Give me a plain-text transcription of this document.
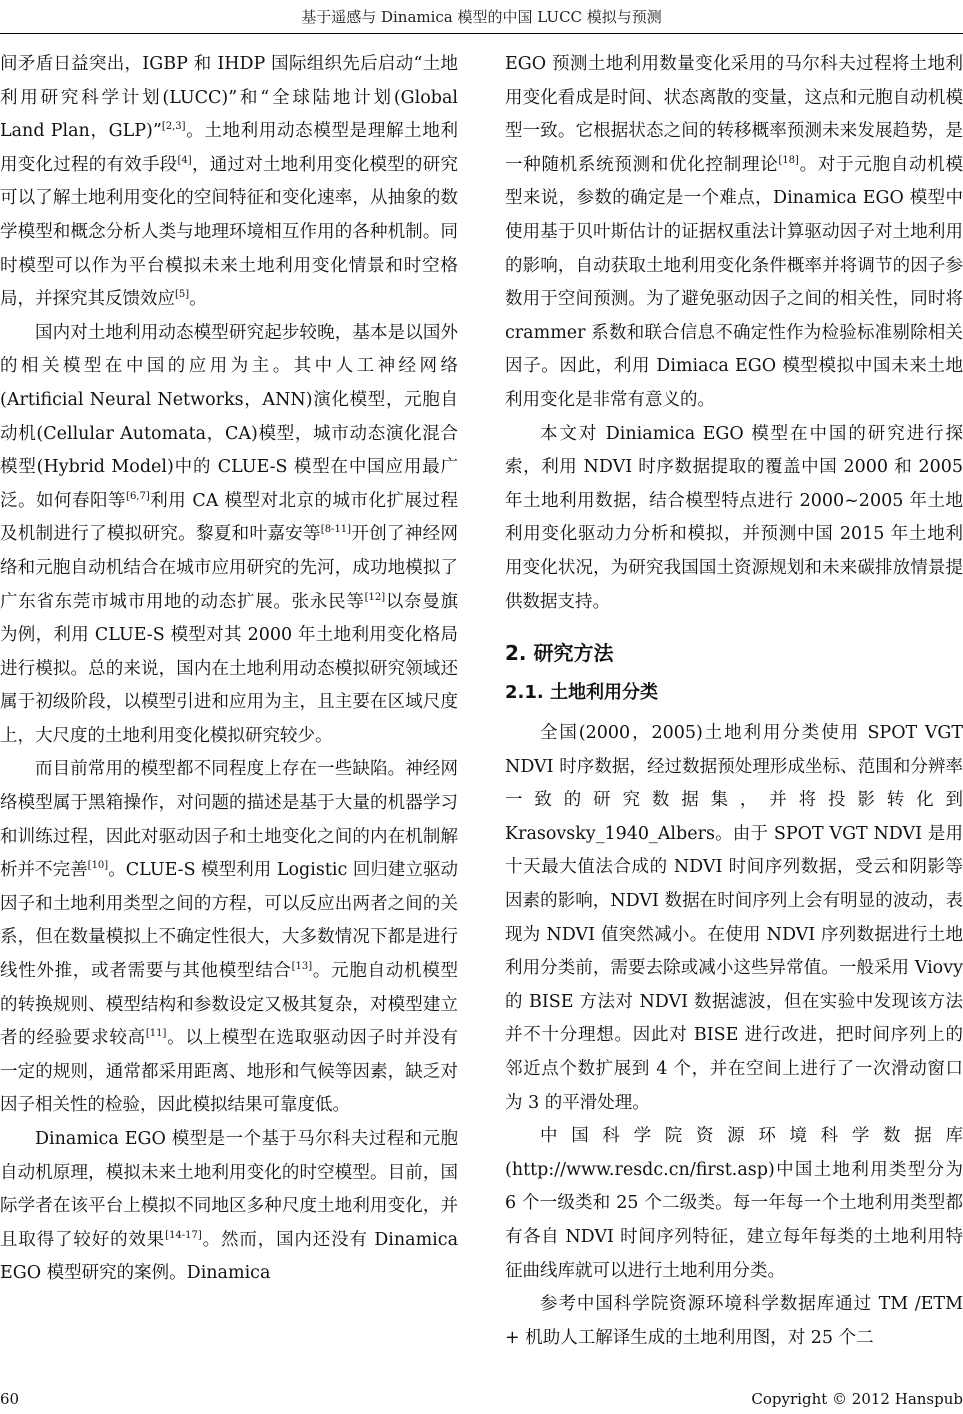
基于遥感与 Dinamica 模型的中国 LUCC 模拟与预测

间矛盾日益突出，IGBP 和 IHDP 国际组织先后启动“土地利用研究科学计划(LUCC)”和“全球陆地计划(Global Land Plan，GLP)”[2,3]。土地利用动态模型是理解土地利用变化过程的有效手段[4]，通过对土地利用变化模型的研究可以了解土地利用变化的空间特征和变化速率，从抽象的数学模型和概念分析人类与地理环境相互作用的各种机制。同时模型可以作为平台模拟未来土地利用变化情景和时空格局，并探究其反馈效应[5]。

国内对土地利用动态模型研究起步较晚，基本是以国外的相关模型在中国的应用为主。其中人工神经网络(Artificial Neural Networks，ANN)演化模型，元胞自动机(Cellular Automata，CA)模型，城市动态演化混合模型(Hybrid Model)中的 CLUE-S 模型在中国应用最广泛。如何春阳等[6,7]利用 CA 模型对北京的城市化扩展过程及机制进行了模拟研究。黎夏和叶嘉安等[8-11]开创了神经网络和元胞自动机结合在城市应用研究的先河，成功地模拟了广东省东莞市城市用地的动态扩展。张永民等[12]以奈曼旗为例，利用 CLUE-S 模型对其 2000 年土地利用变化格局进行模拟。总的来说，国内在土地利用动态模拟研究领域还属于初级阶段，以模型引进和应用为主，且主要在区域尺度上，大尺度的土地利用变化模拟研究较少。

而目前常用的模型都不同程度上存在一些缺陷。神经网络模型属于黑箱操作，对问题的描述是基于大量的机器学习和训练过程，因此对驱动因子和土地变化之间的内在机制解析并不完善[10]。CLUE-S 模型利用 Logistic 回归建立驱动因子和土地利用类型之间的方程，可以反应出两者之间的关系，但在数量模拟上不确定性很大，大多数情况下都是进行线性外推，或者需要与其他模型结合[13]。元胞自动机模型的转换规则、模型结构和参数设定又极其复杂，对模型建立者的经验要求较高[11]。以上模型在选取驱动因子时并没有一定的规则，通常都采用距离、地形和气候等因素，缺乏对因子相关性的检验，因此模拟结果可靠度低。

Dinamica EGO 模型是一个基于马尔科夫过程和元胞自动机原理，模拟未来土地利用变化的时空模型。目前，国际学者在该平台上模拟不同地区多种尺度土地利用变化，并且取得了较好的效果[14-17]。然而，国内还没有 Dinamica EGO 模型研究的案例。Dinamica

EGO 预测土地利用数量变化采用的马尔科夫过程将土地利用变化看成是时间、状态离散的变量，这点和元胞自动机模型一致。它根据状态之间的转移概率预测未来发展趋势，是一种随机系统预测和优化控制理论[18]。对于元胞自动机模型来说，参数的确定是一个难点，Dinamica EGO 模型中使用基于贝叶斯估计的证据权重法计算驱动因子对土地利用的影响，自动获取土地利用变化条件概率并将调节的因子参数用于空间预测。为了避免驱动因子之间的相关性，同时将 crammer 系数和联合信息不确定性作为检验标准剔除相关因子。因此，利用 Dimiaca EGO 模型模拟中国未来土地利用变化是非常有意义的。

本文对 Diniamica EGO 模型在中国的研究进行探索，利用 NDVI 时序数据提取的覆盖中国 2000 和 2005 年土地利用数据，结合模型特点进行 2000~2005 年土地利用变化驱动力分析和模拟，并预测中国 2015 年土地利用变化状况，为研究我国国土资源规划和未来碳排放情景提供数据支持。

2. 研究方法
2.1. 土地利用分类

全国(2000，2005)土地利用分类使用 SPOT VGT NDVI 时序数据，经过数据预处理形成坐标、范围和分辨率一致的研究数据集，并将投影转化到 Krasovsky_1940_Albers。由于 SPOT VGT NDVI 是用十天最大值法合成的 NDVI 时间序列数据，受云和阴影等因素的影响，NDVI 数据在时间序列上会有明显的波动，表现为 NDVI 值突然减小。在使用 NDVI 序列数据进行土地利用分类前，需要去除或减小这些异常值。一般采用 Viovy 的 BISE 方法对 NDVI 数据滤波，但在实验中发现该方法并不十分理想。因此对 BISE 进行改进，把时间序列上的邻近点个数扩展到 4 个，并在空间上进行了一次滑动窗口为 3 的平滑处理。

中国科学院资源环境科学数据库(http://www.resdc.cn/first.asp)中国土地利用类型分为 6 个一级类和 25 个二级类。每一年每一个土地利用类型都有各自 NDVI 时间序列特征，建立每年每类的土地利用特征曲线库就可以进行土地利用分类。

参考中国科学院资源环境科学数据库通过 TM /ETM + 机助人工解译生成的土地利用图，对 25 个二

60	Copyright © 2012 Hanspub
